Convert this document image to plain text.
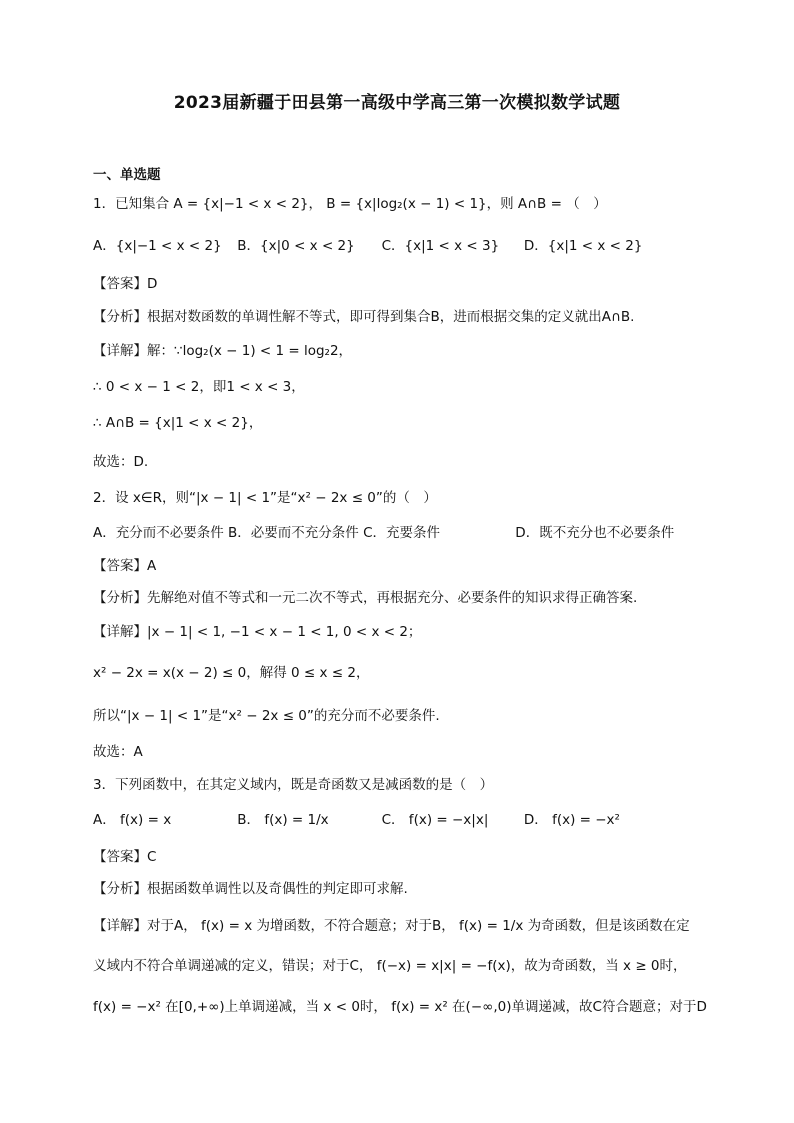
2023届新疆于田县第一高级中学高三第一次模拟数学试题
一、单选题
1．已知集合 A = {x|−1 < x < 2}， B = {x|log₂(x − 1) < 1}，则 A∩B = （　）
A．{x|−1 < x < 2} B．{x|0 < x < 2} C．{x|1 < x < 3} D．{x|1 < x < 2}
【答案】D
【分析】根据对数函数的单调性解不等式，即可得到集合B，进而根据交集的定义就出A∩B.
【详解】解：∵log₂(x − 1) < 1 = log₂2，
∴ 0 < x − 1 < 2，即1 < x < 3，
∴ A∩B = {x|1 < x < 2}，
故选：D.
2．设 x∈R，则“|x − 1| < 1”是“x² − 2x ≤ 0”的（　）
A．充分而不必要条件 B．必要而不充分条件 C．充要条件	D．既不充分也不必要条件
【答案】A
【分析】先解绝对值不等式和一元二次不等式，再根据充分、必要条件的知识求得正确答案.
【详解】|x − 1| < 1, −1 < x − 1 < 1, 0 < x < 2；
x² − 2x = x(x − 2) ≤ 0，解得 0 ≤ x ≤ 2，
所以“|x − 1| < 1”是“x² − 2x ≤ 0”的充分而不必要条件.
故选：A
3．下列函数中，在其定义域内，既是奇函数又是减函数的是（　）
A． f(x) = x	B． f(x) = 1/x	C． f(x) = −x|x|	D． f(x) = −x²
【答案】C
【分析】根据函数单调性以及奇偶性的判定即可求解.
【详解】对于A， f(x) = x 为增函数，不符合题意；对于B， f(x) = 1/x 为奇函数，但是该函数在定
义域内不符合单调递减的定义，错误；对于C， f(−x) = x|x| = −f(x)，故为奇函数，当 x ≥ 0时，
f(x) = −x² 在[0,+∞)上单调递减，当 x < 0时， f(x) = x² 在(−∞,0)单调递减，故C符合题意；对于D
